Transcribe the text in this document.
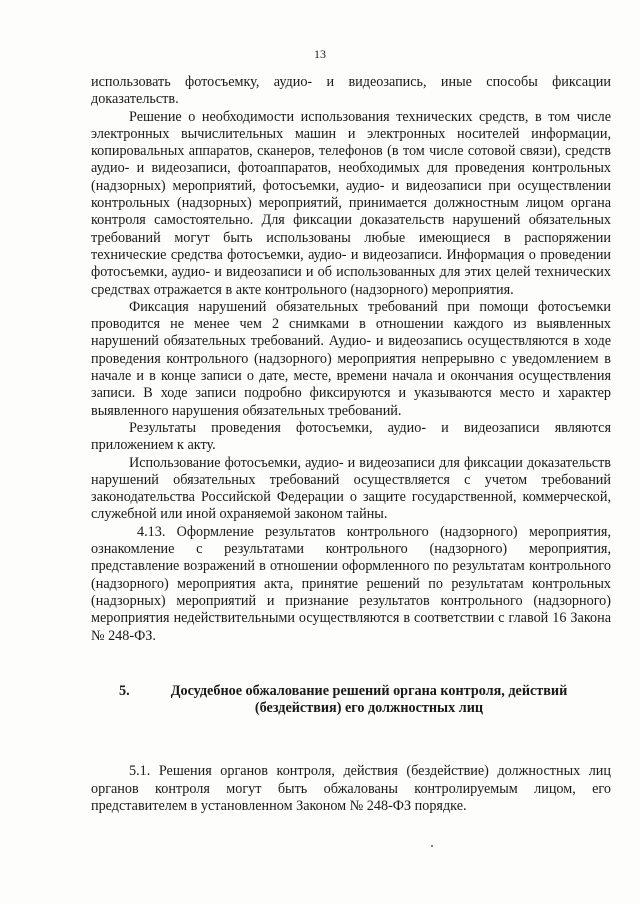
13

использовать фотосъемку, аудио- и видеозапись, иные способы фиксации доказательств.

Решение о необходимости использования технических средств, в том числе электронных вычислительных машин и электронных носителей информации, копировальных аппаратов, сканеров, телефонов (в том числе сотовой связи), средств аудио- и видеозаписи, фотоаппаратов, необходимых для проведения контрольных (надзорных) мероприятий, фотосъемки, аудио- и видеозаписи при осуществлении контрольных (надзорных) мероприятий, принимается должностным лицом органа контроля самостоятельно. Для фиксации доказательств нарушений обязательных требований могут быть использованы любые имеющиеся в распоряжении технические средства фотосъемки, аудио- и видеозаписи. Информация о проведении фотосъемки, аудио- и видеозаписи и об использованных для этих целей технических средствах отражается в акте контрольного (надзорного) мероприятия.

Фиксация нарушений обязательных требований при помощи фотосъемки проводится не менее чем 2 снимками в отношении каждого из выявленных нарушений обязательных требований. Аудио- и видеозапись осуществляются в ходе проведения контрольного (надзорного) мероприятия непрерывно с уведомлением в начале и в конце записи о дате, месте, времени начала и окончания осуществления записи. В ходе записи подробно фиксируются и указываются место и характер выявленного нарушения обязательных требований.

Результаты проведения фотосъемки, аудио- и видеозаписи являются приложением к акту.

Использование фотосъемки, аудио- и видеозаписи для фиксации доказательств нарушений обязательных требований осуществляется с учетом требований законодательства Российской Федерации о защите государственной, коммерческой, служебной или иной охраняемой законом тайны.

4.13. Оформление результатов контрольного (надзорного) мероприятия, ознакомление с результатами контрольного (надзорного) мероприятия, представление возражений в отношении оформленного по результатам контрольного (надзорного) мероприятия акта, принятие решений по результатам контрольных (надзорных) мероприятий и признание результатов контрольного (надзорного) мероприятия недействительными осуществляются в соответствии с главой 16 Закона № 248-ФЗ.

5.	Досудебное обжалование решений органа контроля, действий (бездействия) его должностных лиц

5.1. Решения органов контроля, действия (бездействие) должностных лиц органов контроля могут быть обжалованы контролируемым лицом, его представителем в установленном Законом № 248-ФЗ порядке.
